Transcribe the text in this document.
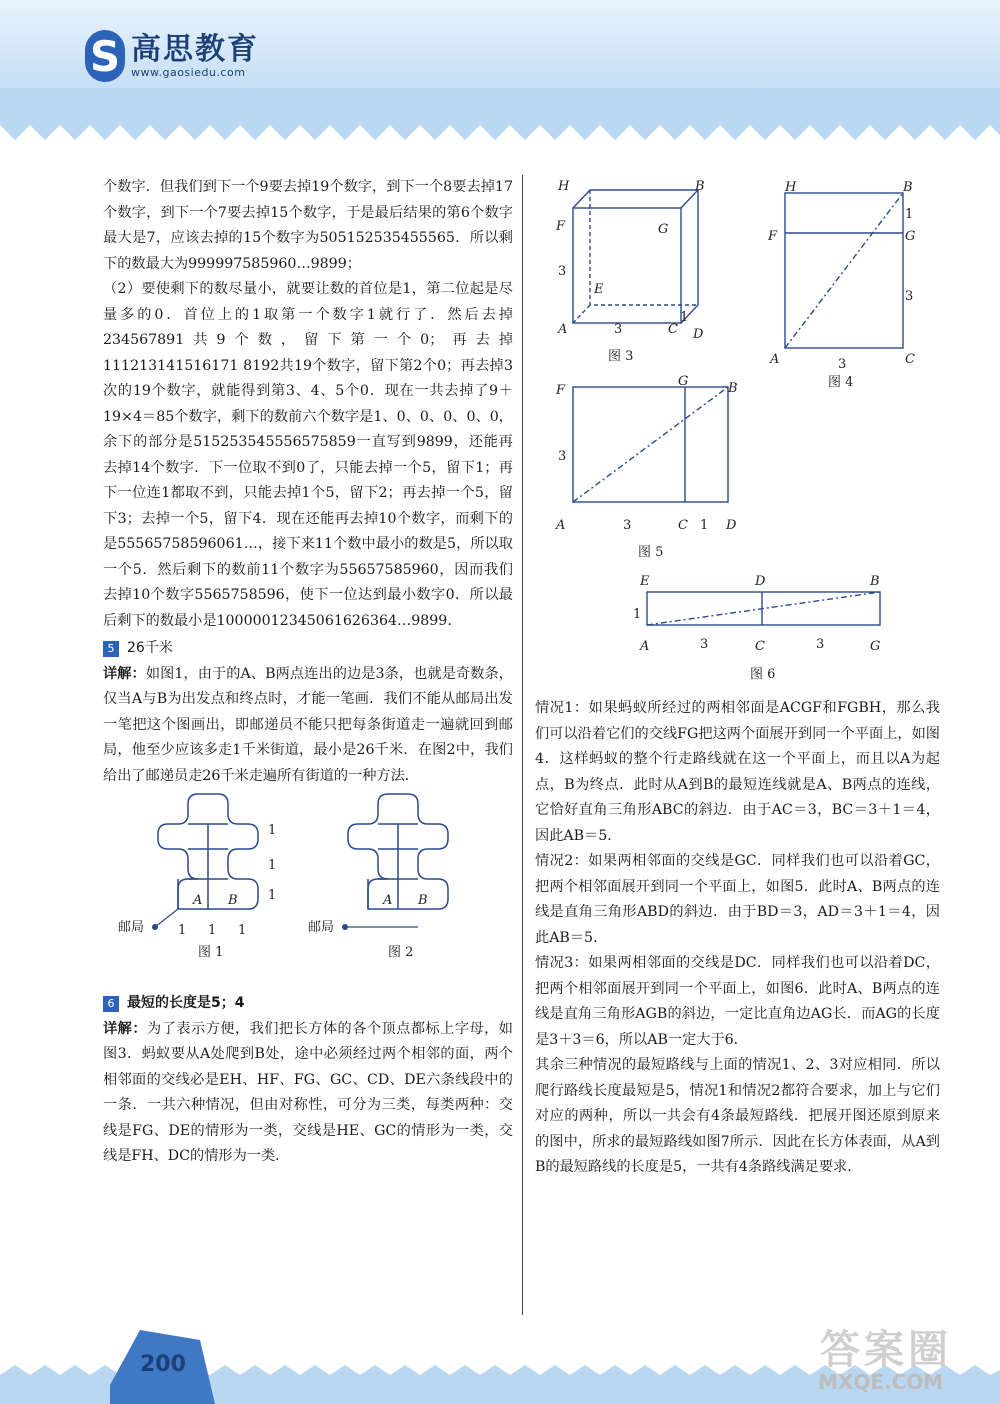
S 高思教育
www.gaosiedu.com

个数字．但我们到下一个9要去掉19个数字，到下一个8要去掉17个数字，到下一个7要去掉15个数字，于是最后结果的第6个数字最大是7，应该去掉的15个数字为505152535455565．所以剩下的数最大为999997585960…9899；

（2）要使剩下的数尽量小，就要让数的首位是1，第二位起是尽量多的0．首位上的1取第一个数字1就行了．然后去掉234567891共9个数，留下第一个0；再去掉111213141516171 8192共19个数字，留下第2个0；再去掉3次的19个数字，就能得到第3、4、5个0．现在一共去掉了9＋19×4＝85个数字，剩下的数前六个数字是1、0、0、0、0、0，余下的部分是515253545556575859一直写到9899，还能再去掉14个数字．下一位取不到0了，只能去掉一个5，留下1；再下一位连1都取不到，只能去掉1个5，留下2；再去掉一个5，留下3；去掉一个5，留下4．现在还能再去掉10个数字，而剩下的是55565758596061…，接下来11个数中最小的数是5，所以取一个5．然后剩下的数前11个数字为55657585960，因而我们去掉10个数字5565758596，使下一位达到最小数字0．所以最后剩下的数最小是10000012345061626364…9899．

5 26千米

详解：如图1，由于的A、B两点连出的边是3条，也就是奇数条，仅当A与B为出发点和终点时，才能一笔画．我们不能从邮局出发一笔把这个图画出，即邮递员不能只把每条街道走一遍就回到邮局，他至少应该多走1千米街道，最小是26千米．在图2中，我们给出了邮递员走26千米走遍所有街道的一种方法．

邮局
A B
1
1
1
1 1 1
图 1
邮局
A B
图 2
6 最短的长度是5；4

详解：为了表示方便，我们把长方体的各个顶点都标上字母，如图3．蚂蚁要从A处爬到B处，途中必须经过两个相邻的面，两个相邻面的交线必是EH、HF、FG、GC、CD、DE六条线段中的一条．一共六种情况，但由对称性，可分为三类，每类两种：交线是FG、DE的情形为一类，交线是HE、GC的情形为一类，交线是FH、DC的情形为一类．

H	B
F	G
E
D
A	C
3
3
1
图 3
H	B
F	G
A	C
1
3
3
图 4
F
G	B
A	C	D
3
3	1
图 5
E	D	B
A	C	G
1
3	3
图 6

情况1：如果蚂蚁所经过的两相邻面是ACGF和FGBH，那么我们可以沿着它们的交线FG把这两个面展开到同一个平面上，如图4．这样蚂蚁的整个行走路线就在这一个平面上，而且以A为起点，B为终点．此时从A到B的最短连线就是A、B两点的连线，它恰好直角三角形ABC的斜边．由于AC＝3，BC＝3＋1＝4，因此AB＝5．

情况2：如果两相邻面的交线是GC．同样我们也可以沿着GC，把两个相邻面展开到同一个平面上，如图5．此时A、B两点的连线是直角三角形ABD的斜边．由于BD＝3，AD＝3＋1＝4，因此AB＝5．

情况3：如果两相邻面的交线是DC．同样我们也可以沿着DC，把两个相邻面展开到同一个平面上，如图6．此时A、B两点的连线是直角三角形AGB的斜边，一定比直角边AG长．而AG的长度是3＋3＝6，所以AB一定大于6．

其余三种情况的最短路线与上面的情况1、2、3对应相同．所以爬行路线长度最短是5，情况1和情况2都符合要求，加上与它们对应的两种，所以一共会有4条最短路线．把展开图还原到原来的图中，所求的最短路线如图7所示．因此在长方体表面，从A到B的最短路线的长度是5，一共有4条路线满足要求．

200	答案圈
MXQE.COM
